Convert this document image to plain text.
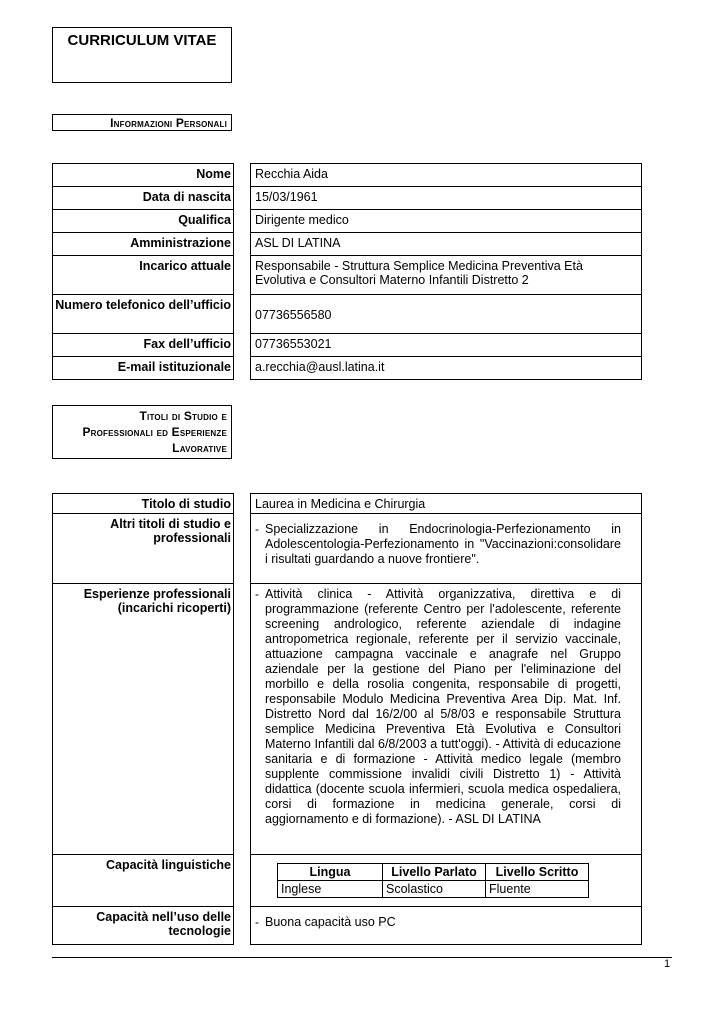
CURRICULUM VITAE
Informazioni Personali
Nome		Recchia Aida
Data di nascita		15/03/1961
Qualifica		Dirigente medico
Amministrazione		ASL DI LATINA
Incarico attuale		Responsabile - Struttura Semplice Medicina Preventiva Età Evolutiva e Consultori Materno Infantili Distretto 2
Numero telefonico dell’ufficio		07736556580
Fax dell’ufficio		07736553021
E-mail istituzionale		a.recchia@ausl.latina.it
Titoli di Studio e Professionali ed Esperienze Lavorative
Titolo di studio		Laurea in Medicina e Chirurgia
Altri titoli di studio e professionali		- Specializzazione in Endocrinologia-Perfezionamento in Adolescentologia-Perfezionamento in "Vaccinazioni:consolidare i risultati guardando a nuove frontiere".
Esperienze professionali (incarichi ricoperti)		- Attività clinica - Attività organizzativa, direttiva e di programmazione (referente Centro per l'adolescente, referente screening andrologico, referente aziendale di indagine antropometrica regionale, referente per il servizio vaccinale, attuazione campagna vaccinale e anagrafe nel Gruppo aziendale per la gestione del Piano per l'eliminazione del morbillo e della rosolia congenita, responsabile di progetti, responsabile Modulo Medicina Preventiva Area Dip. Mat. Inf. Distretto Nord dal 16/2/00 al 5/8/03 e responsabile Struttura semplice Medicina Preventiva Età Evolutiva e Consultori Materno Infantili dal 6/8/2003 a tutt'oggi). - Attività di educazione sanitaria e di formazione - Attività medico legale (membro supplente commissione invalidi civili Distretto 1) - Attività didattica (docente scuola infermieri, scuola medica ospedaliera, corsi di formazione in medicina generale, corsi di aggiornamento e di formazione). - ASL DI LATINA
Capacità linguistiche			Lingua	Livello Parlato	Livello Scritto
Inglese	Scolastico	Fluente

Capacità nell’uso delle tecnologie		- Buona capacità uso PC
1
